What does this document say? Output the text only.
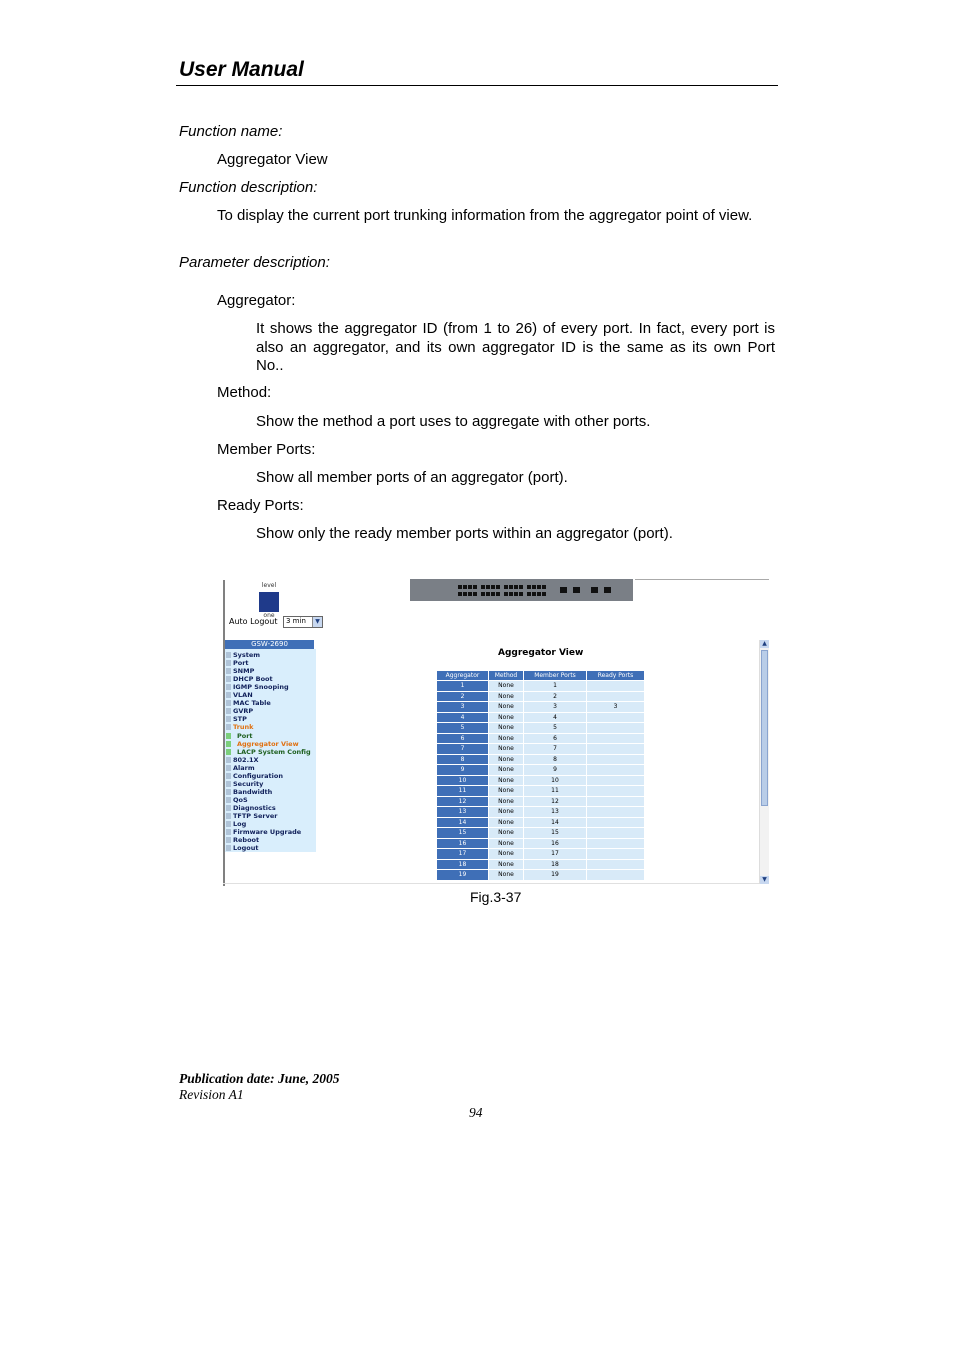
User Manual
Function name:
Aggregator View
Function description:
To display the current port trunking information from the aggregator point of view.
Parameter description:
Aggregator:
It shows the aggregator ID (from 1 to 26) of every port. In fact, every port is also an aggregator, and its own aggregator ID is the same as its own Port No..
Method:
Show the method a port uses to aggregate with other ports.
Member Ports:
Show all member ports of an aggregator (port).
Ready Ports:
Show only the ready member ports within an aggregator (port).
level
one
Auto Logout 3 min	▼
GSW-2690
System
Port
SNMP
DHCP Boot
IGMP Snooping
VLAN
MAC Table
GVRP
STP
Trunk
Port
Aggregator View
LACP System Config
802.1X
Alarm
Configuration
Security
Bandwidth
QoS
Diagnostics
TFTP Server
Log
Firmware Upgrade
Reboot
Logout
Aggregator View
Aggregator	Method	Member Ports	Ready Ports
1	None	1	
2	None	2	
3	None	3	3
4	None	4	
5	None	5	
6	None	6	
7	None	7	
8	None	8	
9	None	9	
10	None	10	
11	None	11	
12	None	12	
13	None	13	
14	None	14	
15	None	15	
16	None	16	
17	None	17	
18	None	18	
19	None	19	
▲
▼
Fig.3-37
Publication date: June, 2005
Revision A1
94
